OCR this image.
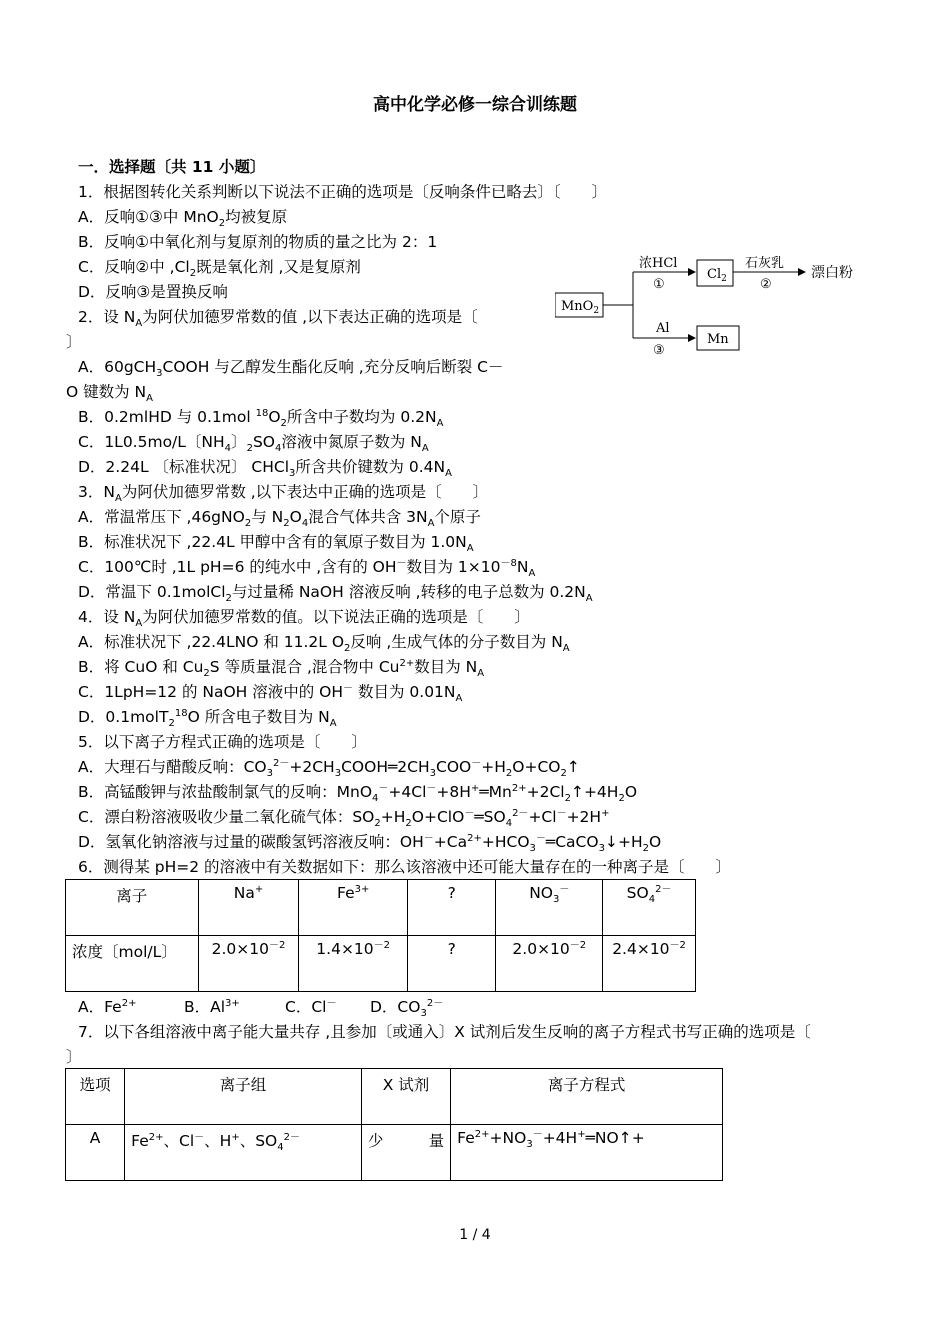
高中化学必修一综合训练题
一．选择题〔共 11 小题〕
1．根据图转化关系判断以下说法不正确的选项是〔反响条件已略去〕〔　　〕
A．反响①③中 MnO$_2$均被复原
B．反响①中氧化剂与复原剂的物质的量之比为 2：1
C．反响②中 $,Cl_2$既是氧化剂 ,又是复原剂
D．反响③是置换反响
MnO$_2$
浓HCl
①
$Cl_2$
石灰乳
②
漂白粉
Al
③
Mn
2．设 $N_A$为阿伏加德罗常数的值 ,以下表达正确的选项是〔
〕
A．60gCH$_3$COOH 与乙醇发生酯化反响 ,充分反响后断裂 C－
O 键数为 $N_A$
B．0.2mlHD 与 0.1mol $^{18}O_2$所含中子数均为 $0.2N_A$
C．1L0.5mo/L〔$NH_4$〕$_2SO_4$溶液中氮原子数为 $N_A$
D．2.24L 〔标准状况〕 CHCl$_3$所含共价键数为 $0.4N_A$
3．$N_A$为阿伏加德罗常数 ,以下表达中正确的选项是〔　　〕
A．常温常压下 ,46gNO$_2$与 $N_2O_4$混合气体共含 $3N_A$个原子
B．标准状况下 ,22.4L 甲醇中含有的氧原子数目为 $1.0N_A$
C．100℃时 ,1L pH=6 的纯水中 ,含有的 OH－数目为 $1\times 10^{-8}N_A$
D．常温下 0.1molCl$_2$与过量稀 NaOH 溶液反响 ,转移的电子总数为 $0.2N_A$
4．设 $N_A$为阿伏加德罗常数的值。以下说法正确的选项是〔　　〕
A．标准状况下 ,22.4LNO 和 11.2L $O_2$反响 ,生成气体的分子数目为 $N_A$
B．将 CuO 和 $Cu_2S$ 等质量混合 ,混合物中 $Cu^{2+}$数目为 $N_A$
C．1LpH=12 的 NaOH 溶液中的 OH－ 数目为 $0.01N_A$
D．0.1molT$_2^{18}$O 所含电子数目为 $N_A$
5．以下离子方程式正确的选项是〔　　〕
A．大理石与醋酸反响：$CO_3^{2-}+2CH_3COOH═2CH_3COO^-+H_2O+CO_2↑$
B．高锰酸钾与浓盐酸制氯气的反响：$MnO_4^-+4Cl^-+8H^+═Mn^{2+}+2Cl_2↑+4H_2O$
C．漂白粉溶液吸收少量二氧化硫气体：$SO_2+H_2O+ClO^-═SO_4^{2-}+Cl^-+2H^+$
D．氢氧化钠溶液与过量的碳酸氢钙溶液反响：$OH^-+Ca^{2+}+HCO_3^-═CaCO_3↓+H_2O$
6．测得某 pH=2 的溶液中有关数据如下：那么该溶液中还可能大量存在的一种离子是〔　　〕
离子	Na+	$Fe^{3+}$	?	$NO_3^-$	$SO_4^{2-}$
浓度〔mol/L〕	$2.0\times 10^{-2}$	$1.4\times 10^{-2}$	?	$2.0\times 10^{-2}$	$2.4\times 10^{-2}$
A．$Fe^{2+}$	B．$Al^{3+}$	C．Cl－ D．$CO_3^{2-}$
7．以下各组溶液中离子能大量共存 ,且参加〔或通入〕X 试剂后发生反响的离子方程式书写正确的选项是〔
〕
选项	离子组	X 试剂	离子方程式
A	$Fe^{2+}$、Cl－、H+、$SO_4^{2-}$	少 量	$Fe^{2+}+NO_3^-+4H^+═NO↑+$
1 / 4
